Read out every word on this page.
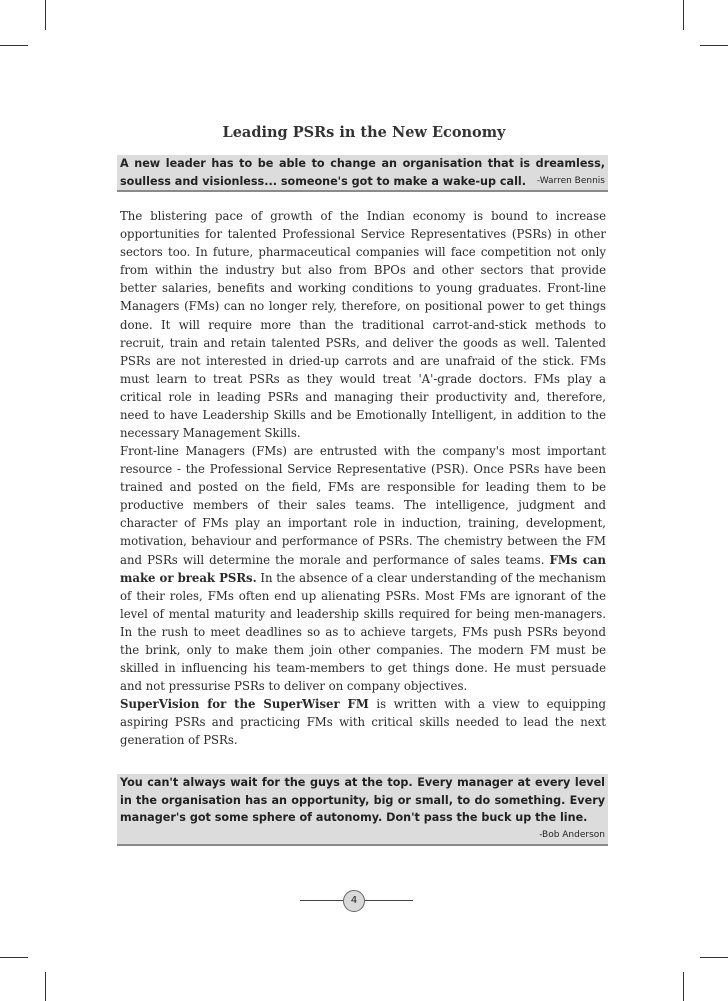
Leading PSRs in the New Economy
A new leader has to be able to change an organisation that is dreamless, soulless and visionless... someone's got to make a wake-up call. -Warren Bennis

The blistering pace of growth of the Indian economy is bound to increase opportunities for talented Professional Service Representatives (PSRs) in other sectors too. In future, pharmaceutical companies will face competition not only from within the industry but also from BPOs and other sectors that provide better salaries, benefits and working conditions to young graduates. Front-line Managers (FMs) can no longer rely, therefore, on positional power to get things done. It will require more than the traditional carrot-and-stick methods to recruit, train and retain talented PSRs, and deliver the goods as well. Talented PSRs are not interested in dried-up carrots and are unafraid of the stick. FMs must learn to treat PSRs as they would treat 'A'-grade doctors. FMs play a critical role in leading PSRs and managing their productivity and, therefore, need to have Leadership Skills and be Emotionally Intelligent, in addition to the necessary Management Skills.

Front-line Managers (FMs) are entrusted with the company's most important resource - the Professional Service Representative (PSR). Once PSRs have been trained and posted on the field, FMs are responsible for leading them to be productive members of their sales teams. The intelligence, judgment and character of FMs play an important role in induction, training, development, motivation, behaviour and performance of PSRs. The chemistry between the FM and PSRs will determine the morale and performance of sales teams. FMs can make or break PSRs. In the absence of a clear understanding of the mechanism of their roles, FMs often end up alienating PSRs. Most FMs are ignorant of the level of mental maturity and leadership skills required for being men-managers. In the rush to meet deadlines so as to achieve targets, FMs push PSRs beyond the brink, only to make them join other companies. The modern FM must be skilled in influencing his team-members to get things done. He must persuade and not pressurise PSRs to deliver on company objectives.

SuperVision for the SuperWiser FM is written with a view to equipping aspiring PSRs and practicing FMs with critical skills needed to lead the next generation of PSRs.

You can't always wait for the guys at the top. Every manager at every level in the organisation has an opportunity, big or small, to do something. Every manager's got some sphere of autonomy. Don't pass the buck up the line.
-Bob Anderson
4
